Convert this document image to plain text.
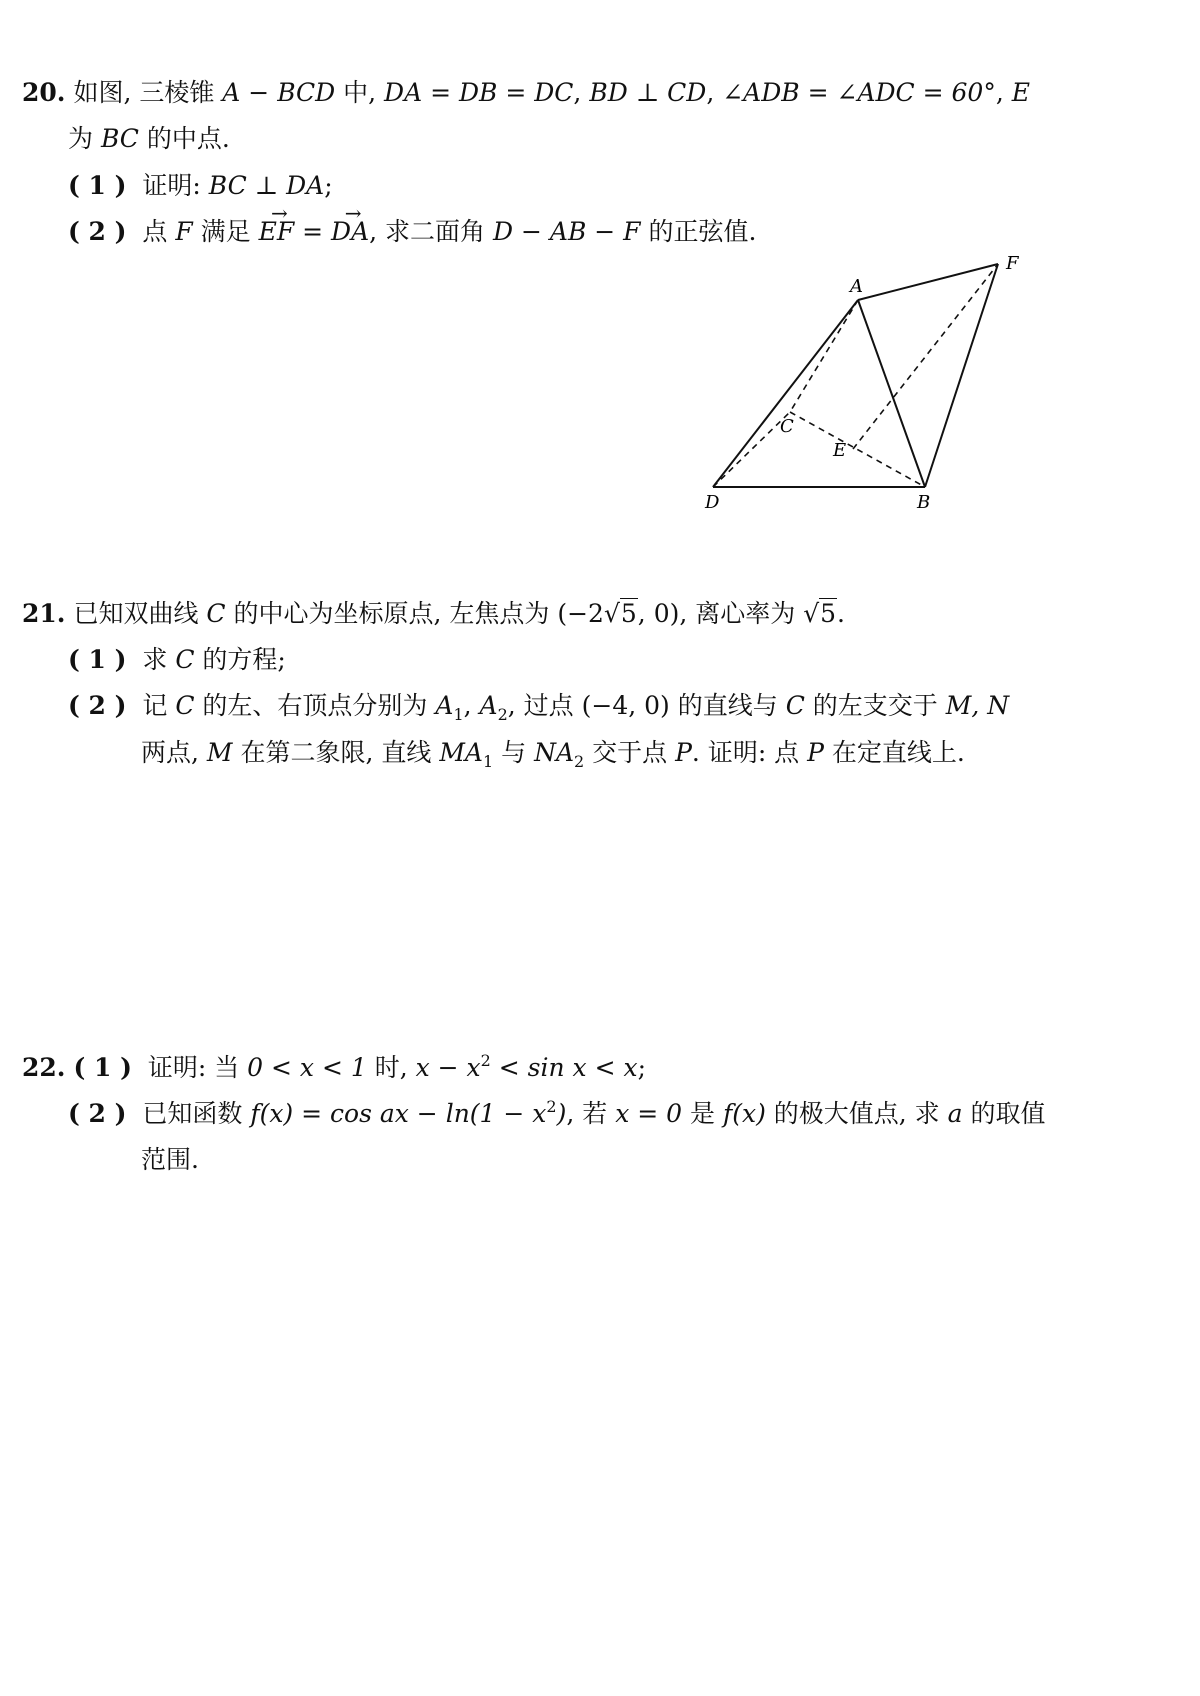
20. 如图, 三棱锥 A − BCD 中, DA = DB = DC, BD ⊥ CD, ∠ADB = ∠ADC = 60°, E
为 BC 的中点.
( 1 ) 证明: BC ⊥ DA;
( 2 ) 点 F 满足 → EF = → DA, 求二面角 D − AB − F 的正弦值.
A
B
C
D
E
F
21. 已知双曲线 C 的中心为坐标原点, 左焦点为 (−2√5, 0), 离心率为 √5.
( 1 ) 求 C 的方程;
( 2 ) 记 C 的左、右顶点分别为 $A_1$, $A_2$, 过点 (−4, 0) 的直线与 C 的左支交于 M, N
两点, M 在第二象限, 直线 $MA_1$ 与 $NA_2$ 交于点 P. 证明: 点 P 在定直线上.
22. ( 1 ) 证明: 当 0 < x < 1 时, $x - x^2 < \sin x < x$;
( 2 ) 已知函数 f(x) = cos ax − $\ln(1 - x^2)$, 若 x = 0 是 f(x) 的极大值点, 求 a 的取值
范围.
